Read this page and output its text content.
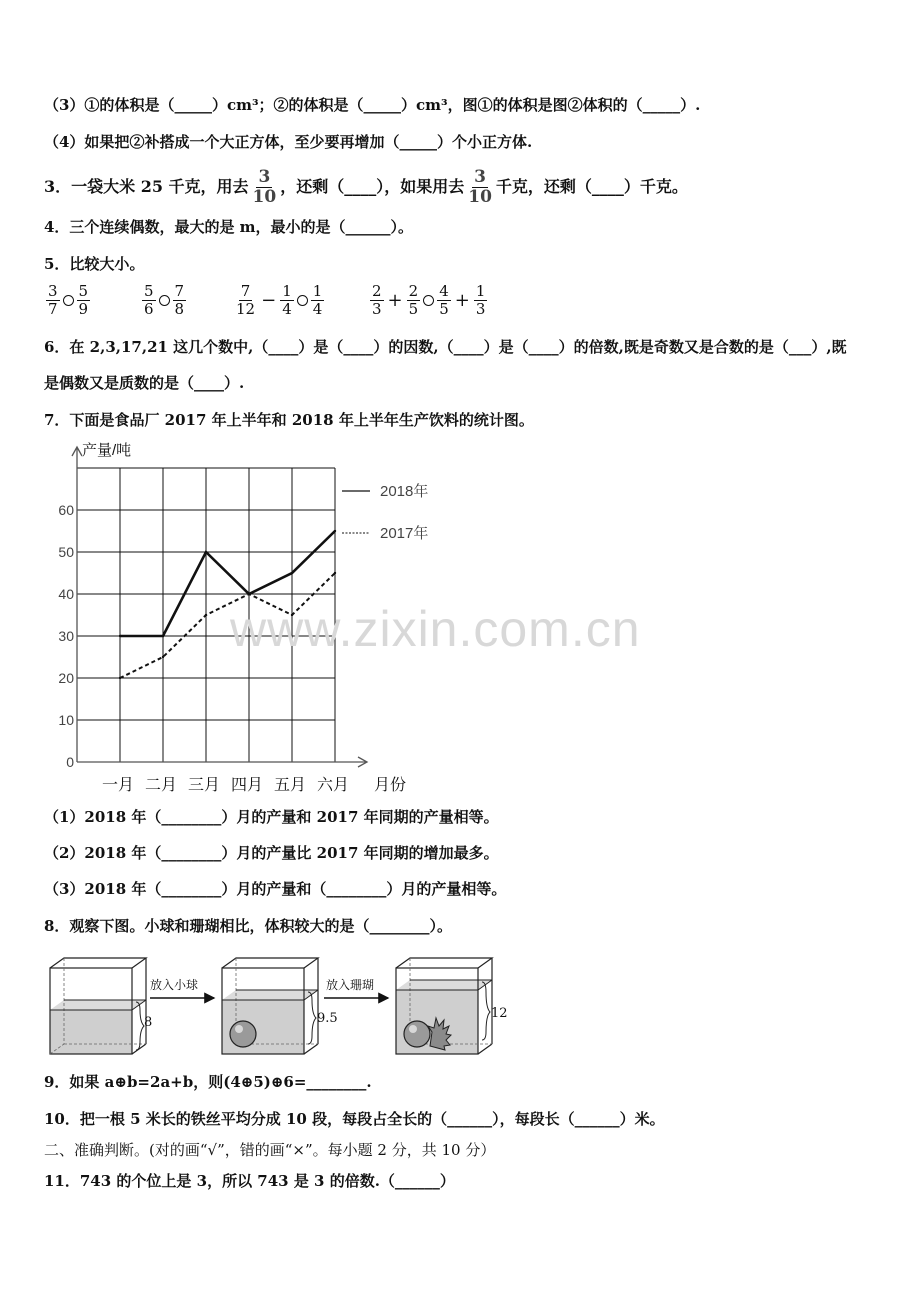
（3）①的体积是（_____）cm³；②的体积是（_____）cm³，图①的体积是图②体积的（_____）.
（4）如果把②补搭成一个大正方体，至少要再增加（_____）个小正方体.
3．一袋大米 25 千克，用去 $\frac{3}{10}$ ，还剩（____），如果用去 $\frac{3}{10}$ 千克，还剩（____）千克。
4．三个连续偶数，最大的是 m，最小的是（______）。
5．比较大小。
$\frac{3}{7} \frac{5}{9}$	$\frac{5}{6} \frac{7}{8}$	$\frac{7}{12} - \frac{1}{4} \frac{1}{4}$	$\frac{2}{3} + \frac{2}{5} \frac{4}{5} + \frac{1}{3}$
6．在 2,3,17,21 这几个数中,（____）是（____）的因数,（____）是（____）的倍数,既是奇数又是合数的是（___）,既
是偶数又是质数的是（____）.
7．下面是食品厂 2017 年上半年和 2018 年上半年生产饮料的统计图。
0
10
20
30
40
50
60
一月 二月 三月 四月 五月 六月
2018年
2017年
产量/吨
月份
（1）2018 年（________）月的产量和 2017 年同期的产量相等。
（2）2018 年（________）月的产量比 2017 年同期的增加最多。
（3）2018 年（________）月的产量和（________）月的产量相等。
8．观察下图。小球和珊瑚相比，体积较大的是（________）。
8
放入小球
9.5
放入珊瑚
12
9．如果 a⊕b=2a+b，则(4⊕5)⊕6=________.
10．把一根 5 米长的铁丝平均分成 10 段，每段占全长的（______），每段长（______）米。
二、准确判断。(对的画“√”，错的画“×”。每小题 2 分，共 10 分）
11．743 的个位上是 3，所以 743 是 3 的倍数.（______）
www.zixin.com.cn
